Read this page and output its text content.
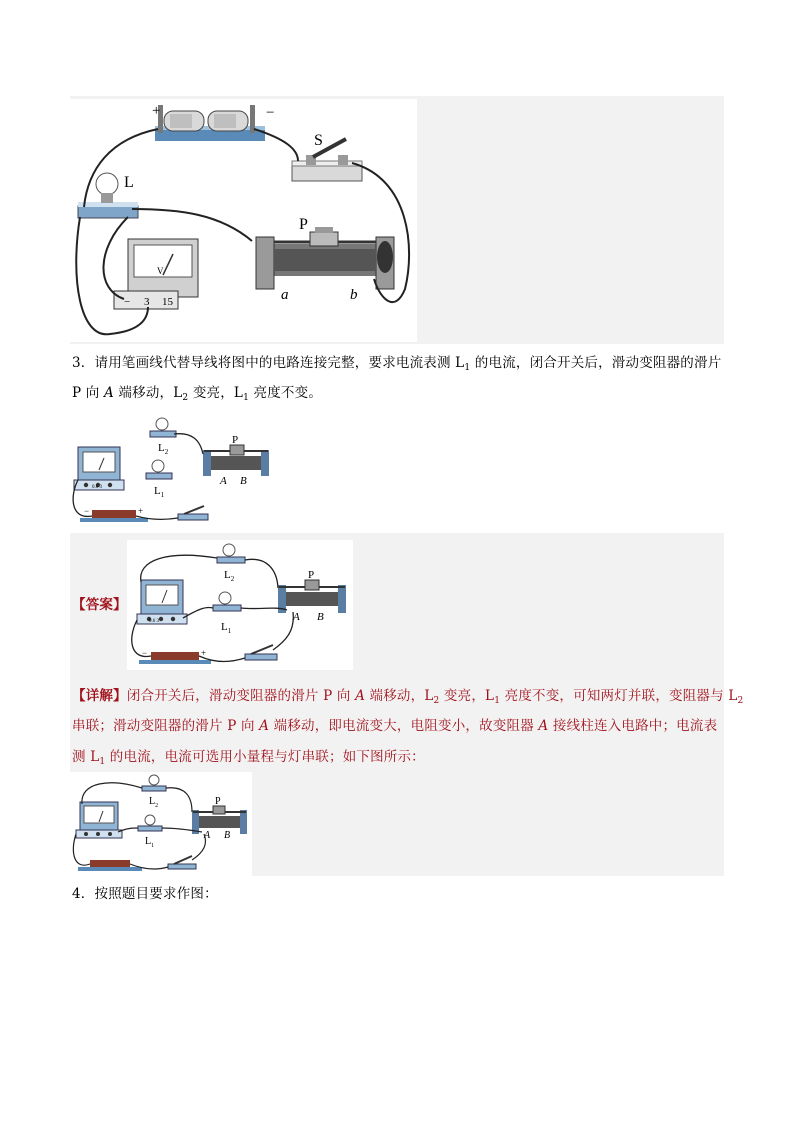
+	−
S
L
P
a	b
V
− 3 15
3．请用笔画线代替导线将图中的电路连接完整，要求电流表测 $L_1$ 的电流，闭合开关后，滑动变阻器的滑片
P 向 A 端移动，$L_2$ 变亮，$L_1$ 亮度不变。
0.6 3
$L_2$
$L_1$
P
A B
−	+
【答案】
0.6 3
$L_2$
$L_1$
P
A B
−	+
【详解】闭合开关后，滑动变阻器的滑片 P 向 A 端移动，$L_2$ 变亮，$L_1$ 亮度不变，可知两灯并联，变阻器与 $L_2$
串联；滑动变阻器的滑片 P 向 A 端移动，即电流变大，电阻变小，故变阻器 A 接线柱连入电路中；电流表
测 $L_1$ 的电流，电流可选用小量程与灯串联；如下图所示：
$L_2$
$L_1$
P
A B
4．按照题目要求作图：
